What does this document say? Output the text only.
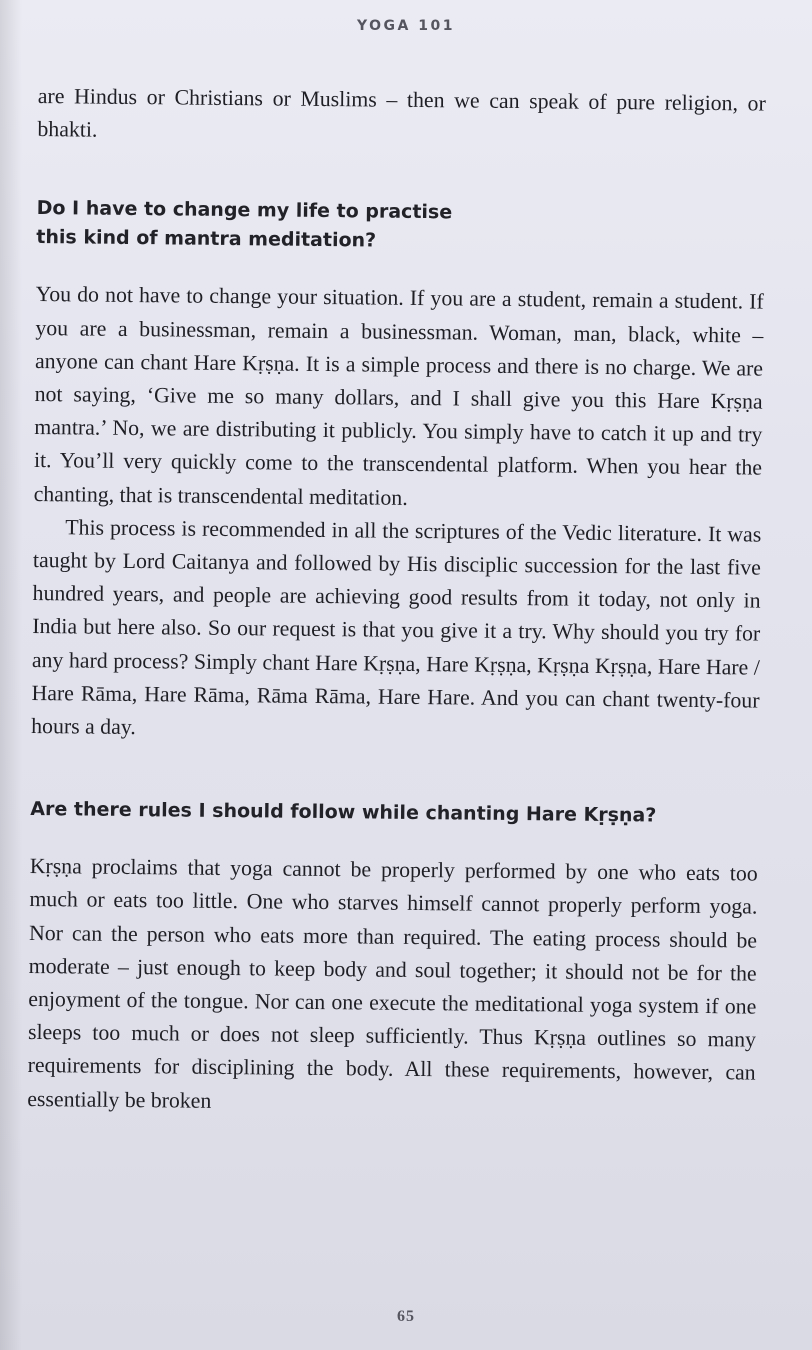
YOGA 101

are Hindus or Christians or Muslims – then we can speak of pure religion, or bhakti.

Do I have to change my life to practise this kind of mantra meditation?

You do not have to change your situation. If you are a student, remain a student. If you are a businessman, remain a businessman. Woman, man, black, white – anyone can chant Hare Kṛṣṇa. It is a simple process and there is no charge. We are not saying, ‘Give me so many dollars, and I shall give you this Hare Kṛṣṇa mantra.’ No, we are distributing it publicly. You simply have to catch it up and try it. You’ll very quickly come to the transcendental platform. When you hear the chanting, that is transcendental meditation.

This process is recommended in all the scriptures of the Vedic literature. It was taught by Lord Caitanya and followed by His disciplic succession for the last five hundred years, and people are achieving good results from it today, not only in India but here also. So our request is that you give it a try. Why should you try for any hard process? Simply chant Hare Kṛṣṇa, Hare Kṛṣṇa, Kṛṣṇa Kṛṣṇa, Hare Hare / Hare Rāma, Hare Rāma, Rāma Rāma, Hare Hare. And you can chant twenty-four hours a day.

Are there rules I should follow while chanting Hare Kṛṣṇa?

Kṛṣṇa proclaims that yoga cannot be properly performed by one who eats too much or eats too little. One who starves himself cannot properly perform yoga. Nor can the person who eats more than required. The eating process should be moderate – just enough to keep body and soul together; it should not be for the enjoyment of the tongue. Nor can one execute the meditational yoga system if one sleeps too much or does not sleep sufficiently. Thus Kṛṣṇa outlines so many requirements for disciplining the body. All these requirements, however, can essentially be broken

65
